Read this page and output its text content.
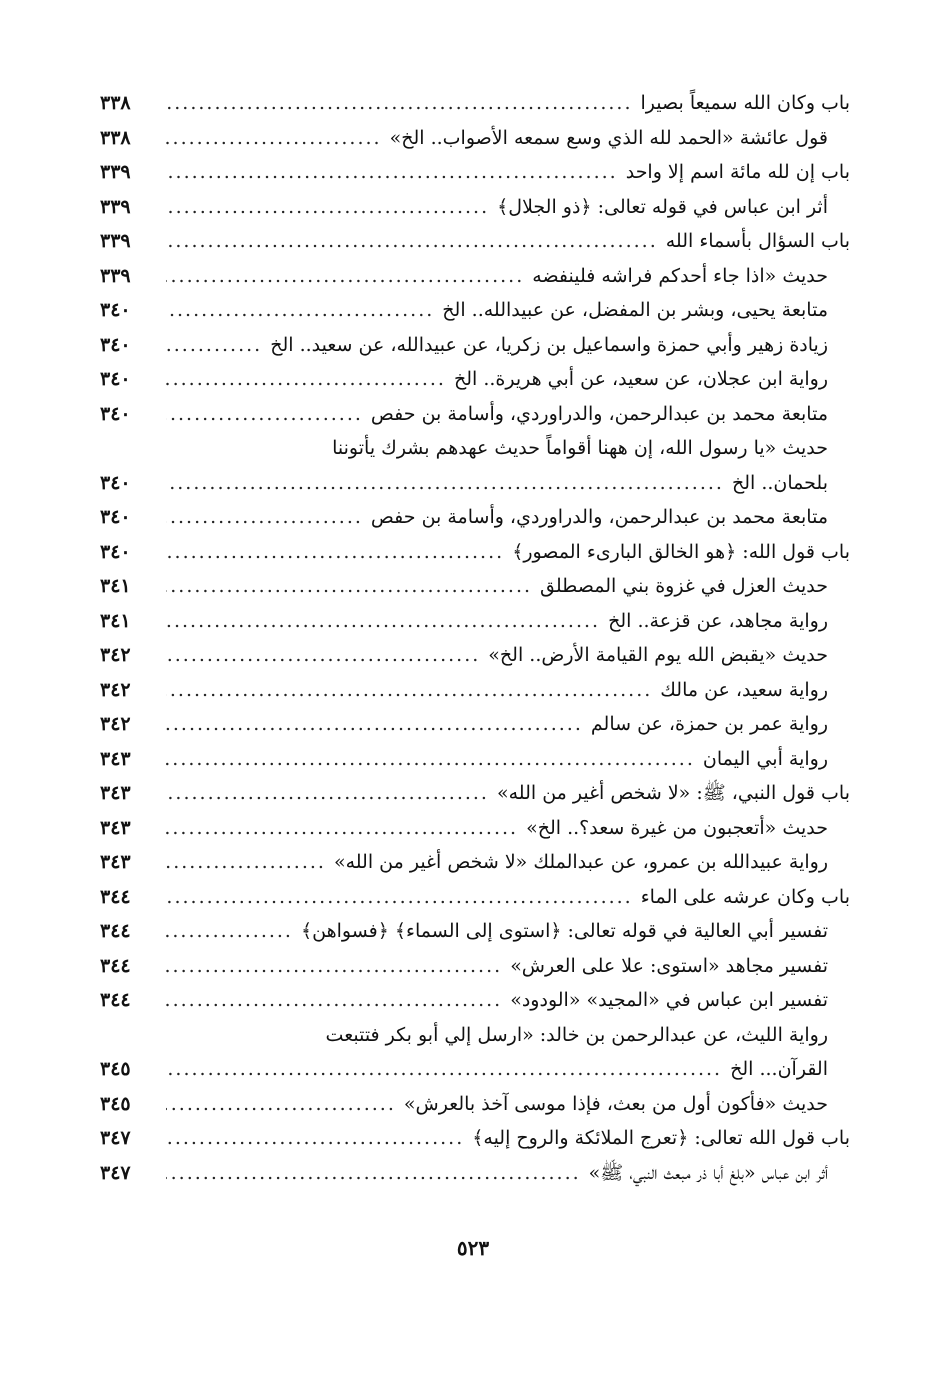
باب وكان الله سميعاً بصيرا
.....
٣٣٨
قول عائشة «الحمد لله الذي وسع سمعه الأصواب.. الخ»
.....
٣٣٨
باب إن لله مائة اسم إلا واحد
.....
٣٣٩
أثر ابن عباس في قوله تعالى: ﴿ذو الجلال﴾
.....
٣٣٩
باب السؤال بأسماء الله
.....
٣٣٩
حديث «اذا جاء أحدكم فراشه فلينفضه
.....
٣٣٩
متابعة يحيى، وبشر بن المفضل، عن عبيدالله.. الخ
.....
٣٤٠
زيادة زهير وأبي حمزة واسماعيل بن زكريا، عن عبيدالله، عن سعيد.. الخ
.....
٣٤٠
رواية ابن عجلان، عن سعيد، عن أبي هريرة.. الخ
.....
٣٤٠
متابعة محمد بن عبدالرحمن، والدراوردي، وأسامة بن حفص
.....
٣٤٠
حديث «يا رسول الله، إن ههنا أقواماً حديث عهدهم بشرك يأتوننا
بلحمان.. الخ
.....
٣٤٠
متابعة محمد بن عبدالرحمن، والدراوردي، وأسامة بن حفص
.....
٣٤٠
باب قول الله: ﴿هو الخالق البارىء المصور﴾
.....
٣٤٠
حديث العزل في غزوة بني المصطلق
.....
٣٤١
رواية مجاهد، عن قزعة.. الخ
.....
٣٤١
حديث «يقبض الله يوم القيامة الأرض.. الخ»
.....
٣٤٢
رواية سعيد، عن مالك
.....
٣٤٢
رواية عمر بن حمزة، عن سالم
.....
٣٤٢
رواية أبي اليمان
.....
٣٤٣
باب قول النبي، ﷺ: «لا شخص أغير من الله»
.....
٣٤٣
حديث «أتعجبون من غيرة سعد؟.. الخ»
.....
٣٤٣
رواية عبيدالله بن عمرو، عن عبدالملك «لا شخص أغير من الله»
.....
٣٤٣
باب وكان عرشه على الماء
.....
٣٤٤
تفسير أبي العالية في قوله تعالى: ﴿استوى إلى السماء﴾ ﴿فسواهن﴾
.....
٣٤٤
تفسير مجاهد «استوى: علا على العرش»
.....
٣٤٤
تفسير ابن عباس في «المجيد» «الودود»
.....
٣٤٤
رواية الليث، عن عبدالرحمن بن خالد: «ارسل إلي أبو بكر فتتبعت
القرآن... الخ
.....
٣٤٥
حديث «فأكون أول من بعث، فإذا موسى آخذ بالعرش»
.....
٣٤٥
باب قول الله تعالى: ﴿تعرج الملائكة والروح إليه﴾
.....
٣٤٧
أثر ابن عباس «بلغ أبا ذر مبعث النبي، ﷺ»
.....
٣٤٧
٥٢٣
